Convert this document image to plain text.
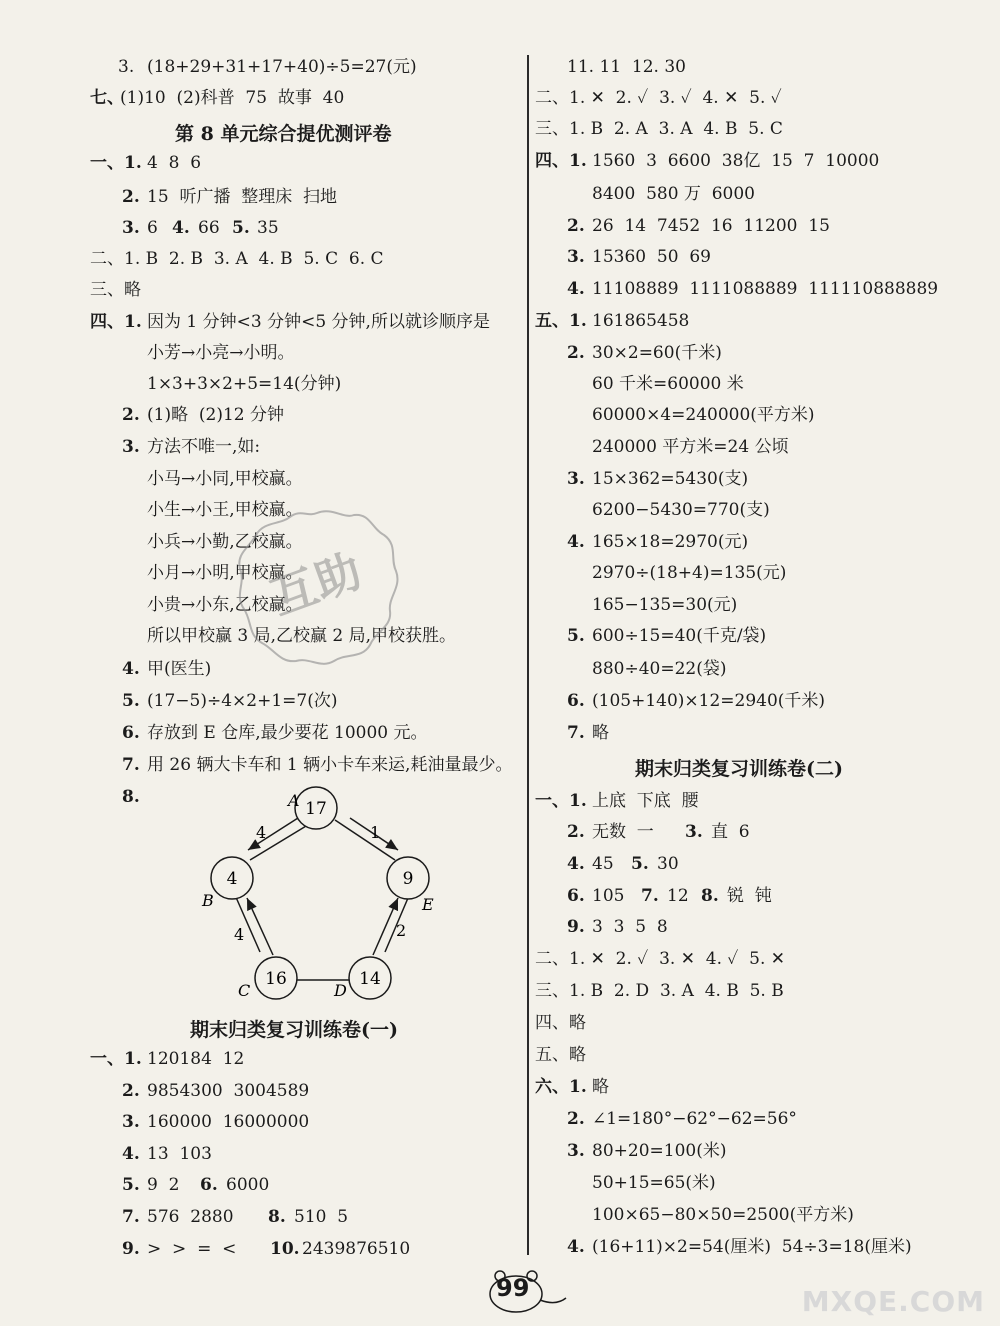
3. (18+29+31+17+40)÷5=27(元)
七、
(1)10  (2)科普  75  故事  40
第 8 单元综合提优测评卷
一、1. 4  8  6
2. 15  听广播  整理床  扫地
3. 6 4. 66 5. 35
二、1. B  2. B  3. A  4. B  5. C  6. C
三、略
四、1. 因为 1 分钟<3 分钟<5 分钟,所以就诊顺序是
小芳→小亮→小明。
1×3+3×2+5=14(分钟)
2. (1)略  (2)12 分钟
3. 方法不唯一,如:
小马→小同,甲校赢。
小生→小王,甲校赢。
小兵→小勤,乙校赢。
小月→小明,甲校赢。
小贵→小东,乙校赢。
所以甲校赢 3 局,乙校赢 2 局,甲校获胜。
4. 甲(医生)
5. (17−5)÷4×2+1=7(次)
6. 存放到 E 仓库,最少要花 10000 元。
7. 用 26 辆大卡车和 1 辆小卡车来运,耗油量最少。
8.
17
4
16	14
9
A
B
C	D
E
4	1
4	2
期末归类复习训练卷(一)
一、1. 120184  12
2. 9854300  3004589
3. 160000  16000000
4. 13  103
5. 9  2 6. 6000
7. 576  2880 8. 510  5
9. >  >  =  < 10. 2439876510
互助
11. 11  12. 30
二、1. ✕  2. ✓  3. ✓  4. ✕  5. ✓
三、1. B  2. A  3. A  4. B  5. C
四、1. 1560  3  6600  38亿  15  7  10000
8400  580 万  6000
2. 26  14  7452  16  11200  15
3. 15360  50  69
4. 11108889  1111088889  111110888889
五、1. 161865458
2. 30×2=60(千米)
60 千米=60000 米
60000×4=240000(平方米)
240000 平方米=24 公顷
3. 15×362=5430(支)
6200−5430=770(支)
4. 165×18=2970(元)
2970÷(18+4)=135(元)
165−135=30(元)
5. 600÷15=40(千克/袋)
880÷40=22(袋)
6. (105+140)×12=2940(千米)
7. 略
期末归类复习训练卷(二)
一、1. 上底  下底  腰
2. 无数  一 3. 直  6
4. 45 5. 30
6. 105 7. 12 8. 锐  钝
9. 3  3  5  8
二、1. ✕  2. ✓  3. ✕  4. ✓  5. ✕
三、1. B  2. D  3. A  4. B  5. B
四、略
五、略
六、1. 略
2. ∠1=180°−62°−62=56°
3. 80+20=100(米)
50+15=65(米)
100×65−80×50=2500(平方米)
4. (16+11)×2=54(厘米)  54÷3=18(厘米)
99	MXQE.COM
